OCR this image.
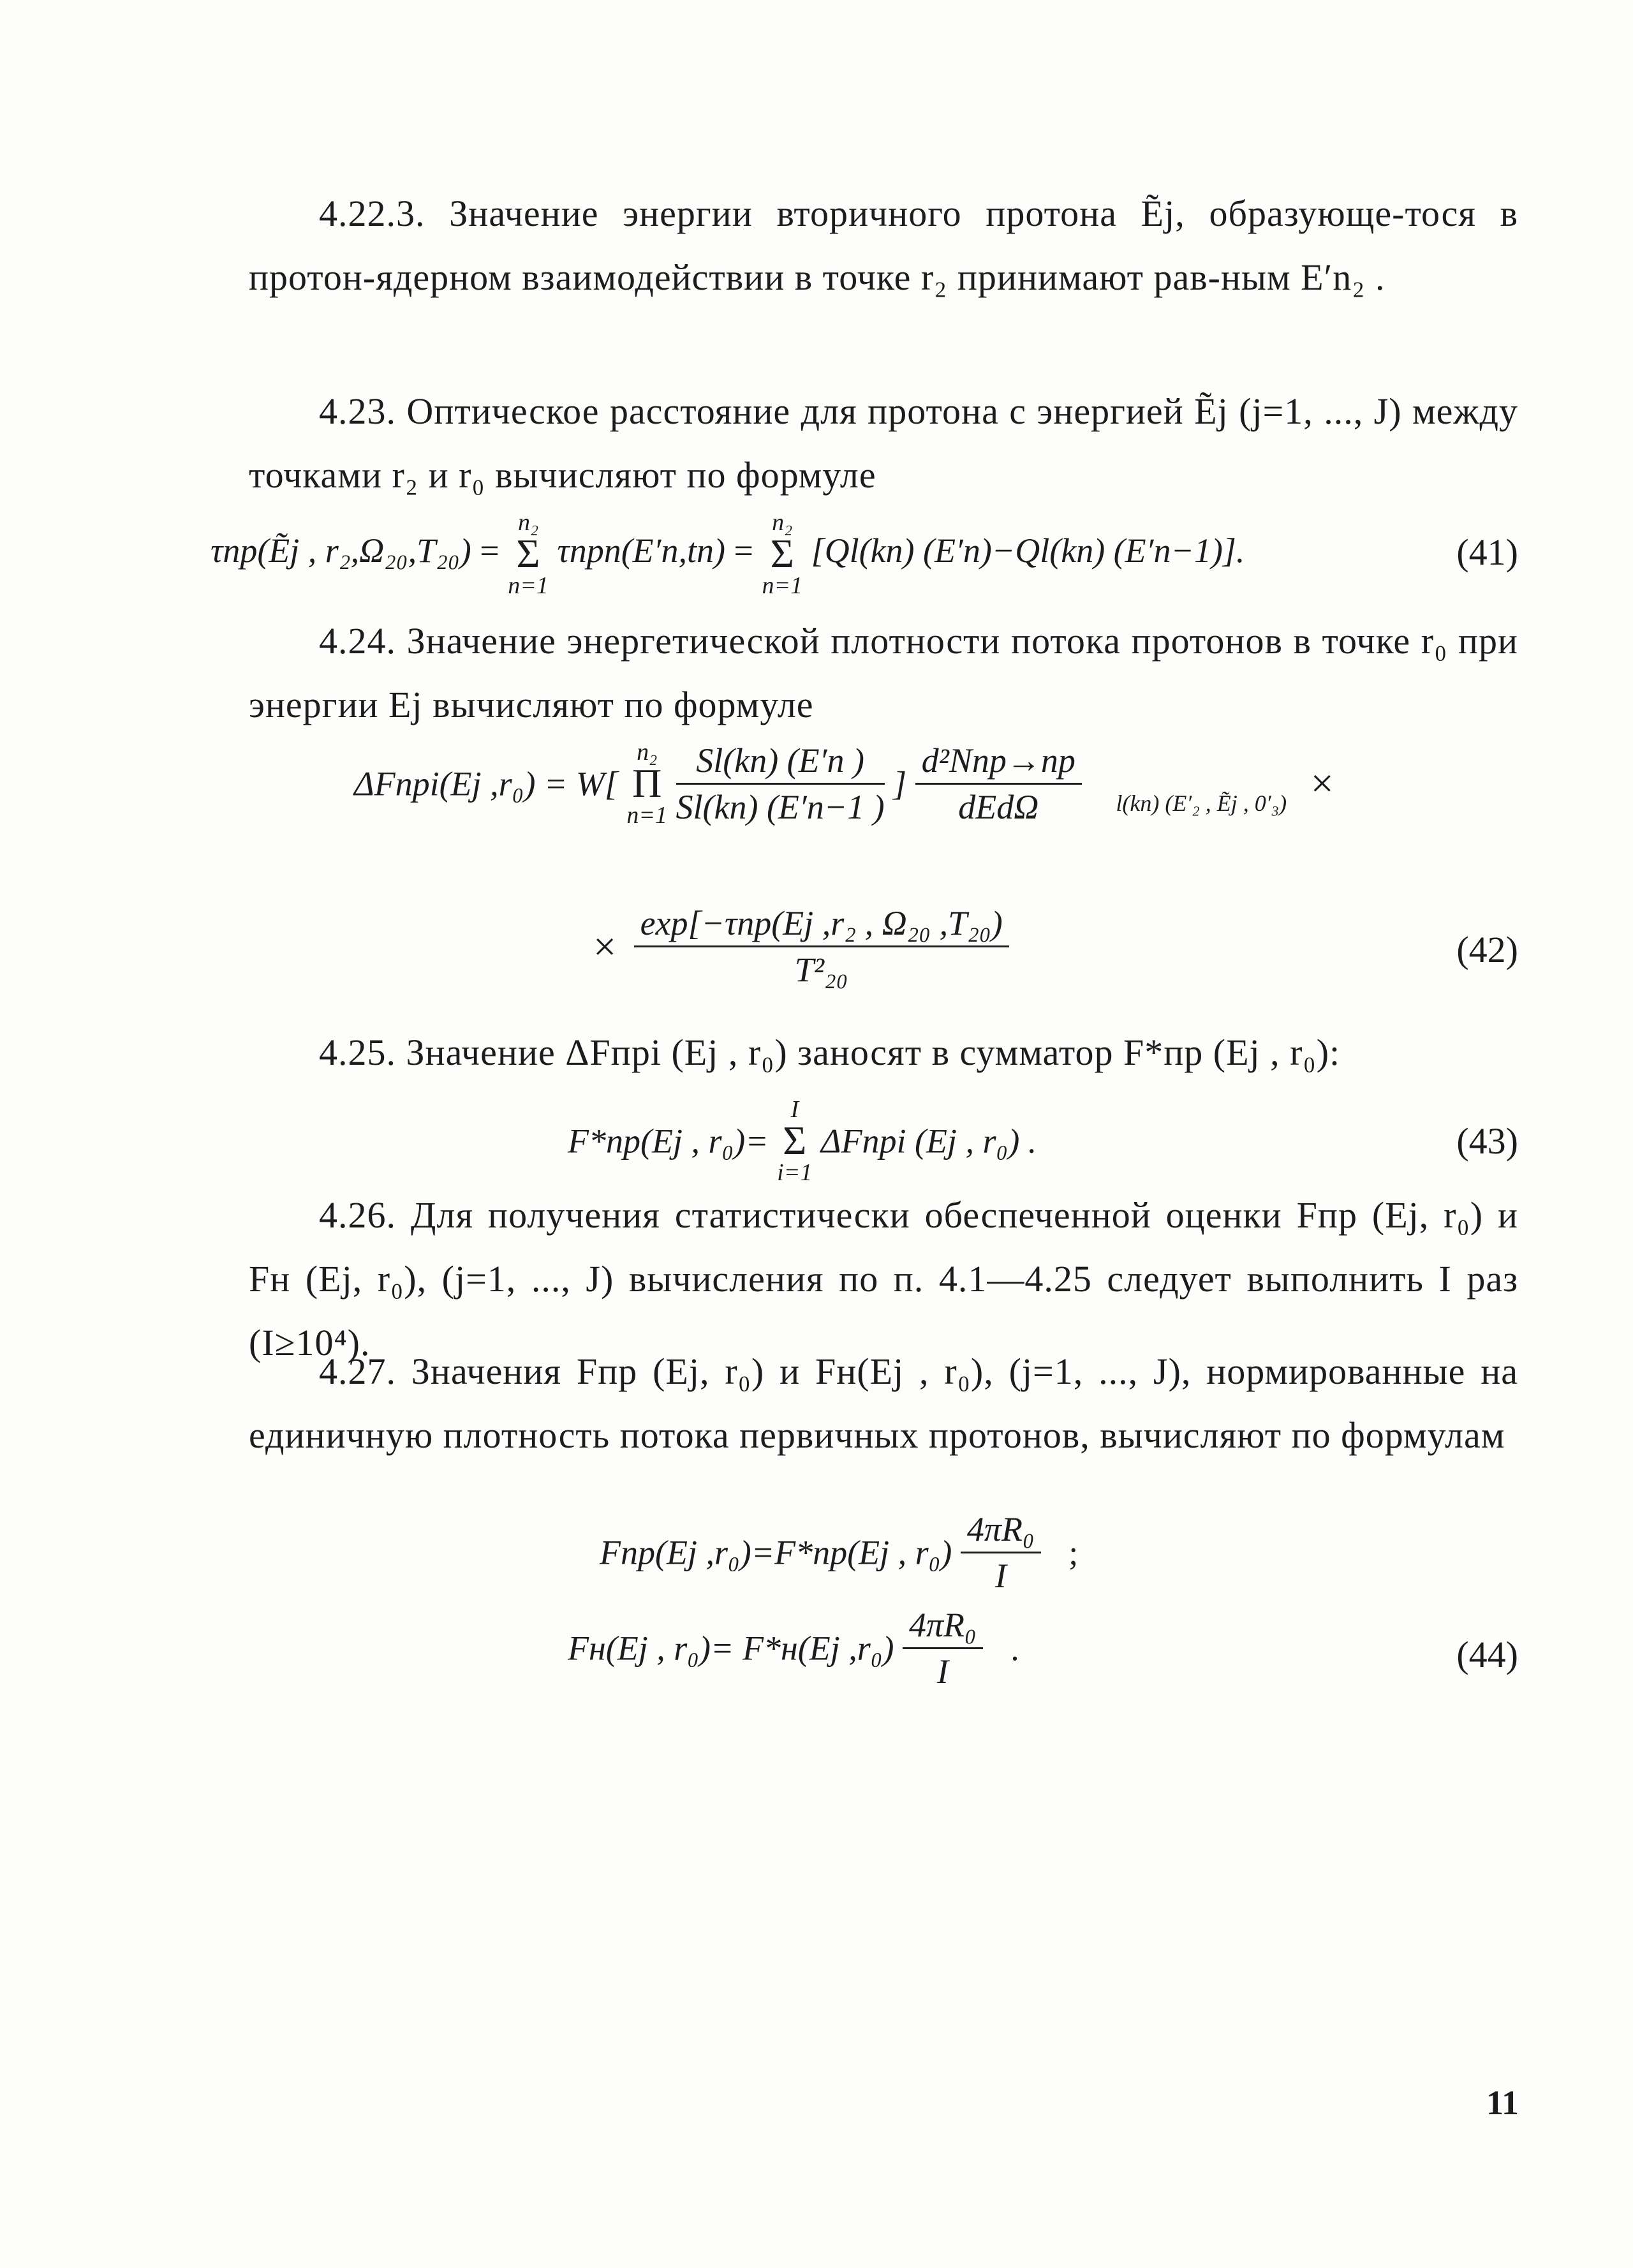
4.22.3. Значение энергии вторичного протона Ẽj, образующе-тося в протон-ядерном взаимодействии в точке r₂ принимают рав-ным E′n₂ .
4.23. Оптическое расстояние для протона с энергией Ẽj (j=1, ..., J) между точками r₂ и r₀ вычисляют по формуле
τпр(Ẽj , r₂,Ω₂₀,T₂₀) =
n₂
Σ
n=1
τпрn(E′n,tn) =
n₂
Σ
n=1
[Ql(kn) (E′n)−Ql(kn) (E′n−1)].	(41)
4.24. Значение энергетической плотности потока протонов в точке r₀ при энергии Ej вычисляют по формуле
ΔFпрi(Ej ,r₀) = W[
n₂
Π
n=1
$\frac{Sl(kn) (E'n )}{Sl(kn) (E'n-1 )}$ ] $\frac{\text{d²Nпр→пр}}{\text{dEdΩ}} _{l(kn) (E'_2 , Ẽj , 0'_3)}$ ×
× $\frac{\text{exp[−τпр(Ej ,r₂ , Ω₂₀ ,T₂₀)}}{\text{T²₂₀}}$	(42)
4.25. Значение ΔFпрi (Ej , r₀) заносят в сумматор F*пр (Ej , r₀):
F*пр(Ej , r₀)=
I
Σ
i=1
ΔFпрi (Ej , r₀) .	(43)
4.26. Для получения статистически обеспеченной оценки Fпр (Ej, r₀) и Fн (Ej, r₀), (j=1, ..., J) вычисления по п. 4.1—4.25 следует выполнить I раз (I≥10⁴).
4.27. Значения Fпр (Ej, r₀) и Fн(Ej , r₀), (j=1, ..., J), нормированные на единичную плотность потока первичных протонов, вычисляют по формулам
Fпр(Ej ,r₀)=F*пр(Ej , $r_0) \frac{\text{4πR₀}}{I}$ ;
Fн(Ej , r₀)= F*н(Ej $,r_0) \frac{\text{4πR₀}}{I}$ .	(44)
11
